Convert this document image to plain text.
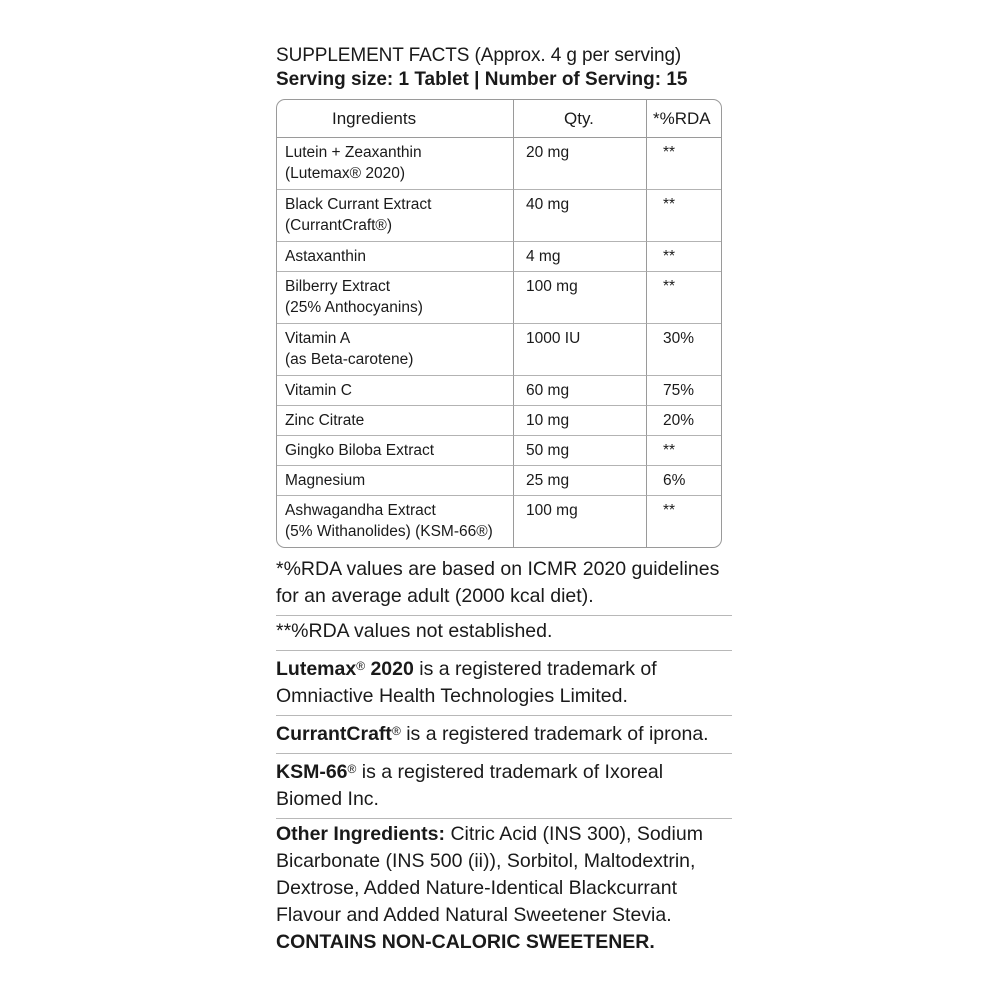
SUPPLEMENT FACTS (Approx. 4 g per serving)
Serving size: 1 Tablet | Number of Serving: 15
Ingredients	Qty.	*%RDA

Lutein + Zeaxanthin
(Lutemax® 2020)	20 mg	**

Black Currant Extract
(CurrantCraft®)	40 mg	**

Astaxanthin	4 mg	**

Bilberry Extract
(25% Anthocyanins)	100 mg	**

Vitamin A
(as Beta-carotene)	1000 IU	30%

Vitamin C	60 mg	75%

Zinc Citrate	10 mg	20%

Gingko Biloba Extract	50 mg	**

Magnesium	25 mg	6%

Ashwagandha Extract
(5% Withanolides) (KSM-66®)	100 mg	**
*%RDA values are based on ICMR 2020 guidelines for an average adult (2000 kcal diet).
**%RDA values not established.
Lutemax® 2020 is a registered trademark of Omniactive Health Technologies Limited.
CurrantCraft® is a registered trademark of iprona.
KSM-66® is a registered trademark of Ixoreal Biomed Inc.
Other Ingredients: Citric Acid (INS 300), Sodium Bicarbonate (INS 500 (ii)), Sorbitol, Maltodextrin, Dextrose, Added Nature-Identical Blackcurrant Flavour and Added Natural Sweetener Stevia.
CONTAINS NON-CALORIC SWEETENER.
